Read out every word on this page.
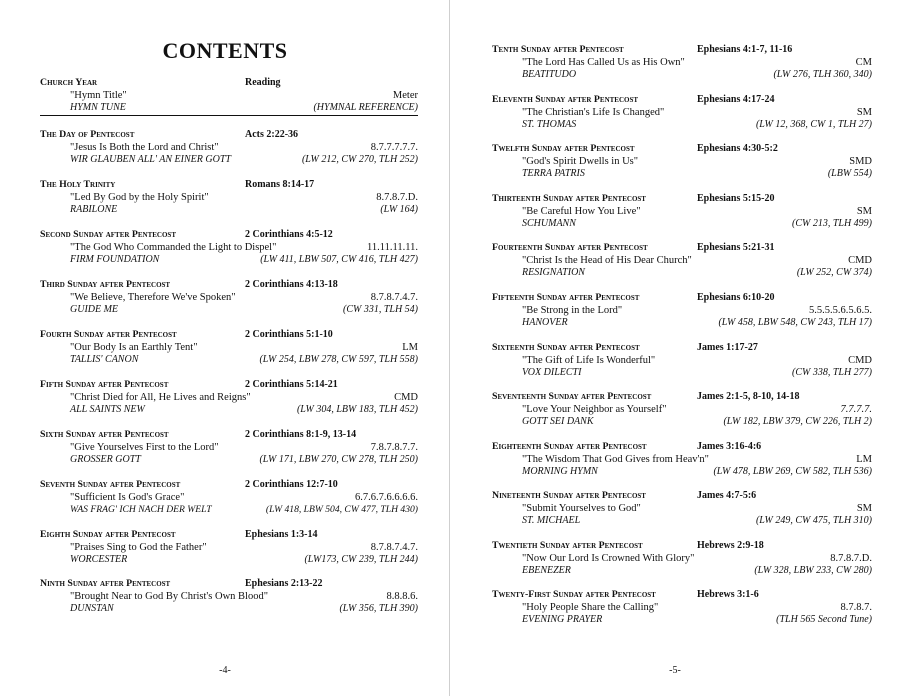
CONTENTS
Church Year	Reading
"Hymn Title"	Meter
HYMN TUNE	(HYMNAL REFERENCE)
The Day of Pentecost	Acts 2:22-36
"Jesus Is Both the Lord and Christ"	8.7.7.7.7.7.
WIR GLAUBEN ALL' AN EINER GOTT	(LW 212, CW 270, TLH 252)
The Holy Trinity	Romans 8:14-17
"Led By God by the Holy Spirit"	8.7.8.7.D.
RABILONE	(LW 164)
Second Sunday after Pentecost	2 Corinthians 4:5-12
"The God Who Commanded the Light to Dispel"	11.11.11.11.
FIRM FOUNDATION	(LW 411, LBW 507, CW 416, TLH 427)
Third Sunday after Pentecost	2 Corinthians 4:13-18
"We Believe, Therefore We've Spoken"	8.7.8.7.4.7.
GUIDE ME	(CW 331, TLH 54)
Fourth Sunday after Pentecost	2 Corinthians 5:1-10
"Our Body Is an Earthly Tent"	LM
TALLIS' CANON	(LW 254, LBW 278, CW 597, TLH 558)
Fifth Sunday after Pentecost	2 Corinthians 5:14-21
"Christ Died for All, He Lives and Reigns"	CMD
ALL SAINTS NEW	(LW 304, LBW 183, TLH 452)
Sixth Sunday after Pentecost	2 Corinthians 8:1-9, 13-14
"Give Yourselves First to the Lord"	7.8.7.8.7.7.
GROSSER GOTT	(LW 171, LBW 270, CW 278, TLH 250)
Seventh Sunday after Pentecost	2 Corinthians 12:7-10
"Sufficient Is God's Grace"	6.7.6.7.6.6.6.6.
WAS FRAG' ICH NACH DER WELT	(LW 418, LBW 504, CW 477, TLH 430)
Eighth Sunday after Pentecost	Ephesians 1:3-14
"Praises Sing to God the Father"	8.7.8.7.4.7.
WORCESTER	(LW173, CW 239, TLH 244)
Ninth Sunday after Pentecost	Ephesians 2:13-22
"Brought Near to God By Christ's Own Blood"	8.8.8.6.
DUNSTAN	(LW 356, TLH 390)
-4-
Tenth Sunday after Pentecost	Ephesians 4:1-7, 11-16
"The Lord Has Called Us as His Own"	CM
BEATITUDO	(LW 276, TLH 360, 340)
Eleventh Sunday after Pentecost	Ephesians 4:17-24
"The Christian's Life Is Changed"	SM
ST. THOMAS	(LW 12, 368, CW 1, TLH 27)
Twelfth Sunday after Pentecost	Ephesians 4:30-5:2
"God's Spirit Dwells in Us"	SMD
TERRA PATRIS	(LBW 554)
Thirteenth Sunday after Pentecost	Ephesians 5:15-20
"Be Careful How You Live"	SM
SCHUMANN	(CW 213, TLH 499)
Fourteenth Sunday after Pentecost	Ephesians 5:21-31
"Christ Is the Head of His Dear Church"	CMD
RESIGNATION	(LW 252, CW 374)
Fifteenth Sunday after Pentecost	Ephesians 6:10-20
"Be Strong in the Lord"	5.5.5.5.6.5.6.5.
HANOVER	(LW 458, LBW 548, CW 243, TLH 17)
Sixteenth Sunday after Pentecost	James 1:17-27
"The Gift of Life Is Wonderful"	CMD
VOX DILECTI	(CW 338, TLH 277)
Seventeenth Sunday after Pentecost	James 2:1-5, 8-10, 14-18
"Love Your Neighbor as Yourself"	7.7.7.7.
GOTT SEI DANK	(LW 182, LBW 379, CW 226, TLH 2)
Eighteenth Sunday after Pentecost	James 3:16-4:6
"The Wisdom That God Gives from Heav'n"	LM
MORNING HYMN	(LW 478, LBW 269, CW 582, TLH 536)
Nineteenth Sunday after Pentecost	James 4:7-5:6
"Submit Yourselves to God"	SM
ST. MICHAEL	(LW 249, CW 475, TLH 310)
Twentieth Sunday after Pentecost	Hebrews 2:9-18
"Now Our Lord Is Crowned With Glory"	8.7.8.7.D.
EBENEZER	(LW 328, LBW 233, CW 280)
Twenty-First Sunday after Pentecost	Hebrews 3:1-6
"Holy People Share the Calling"	8.7.8.7.
EVENING PRAYER	(TLH 565 Second Tune)
-5-
